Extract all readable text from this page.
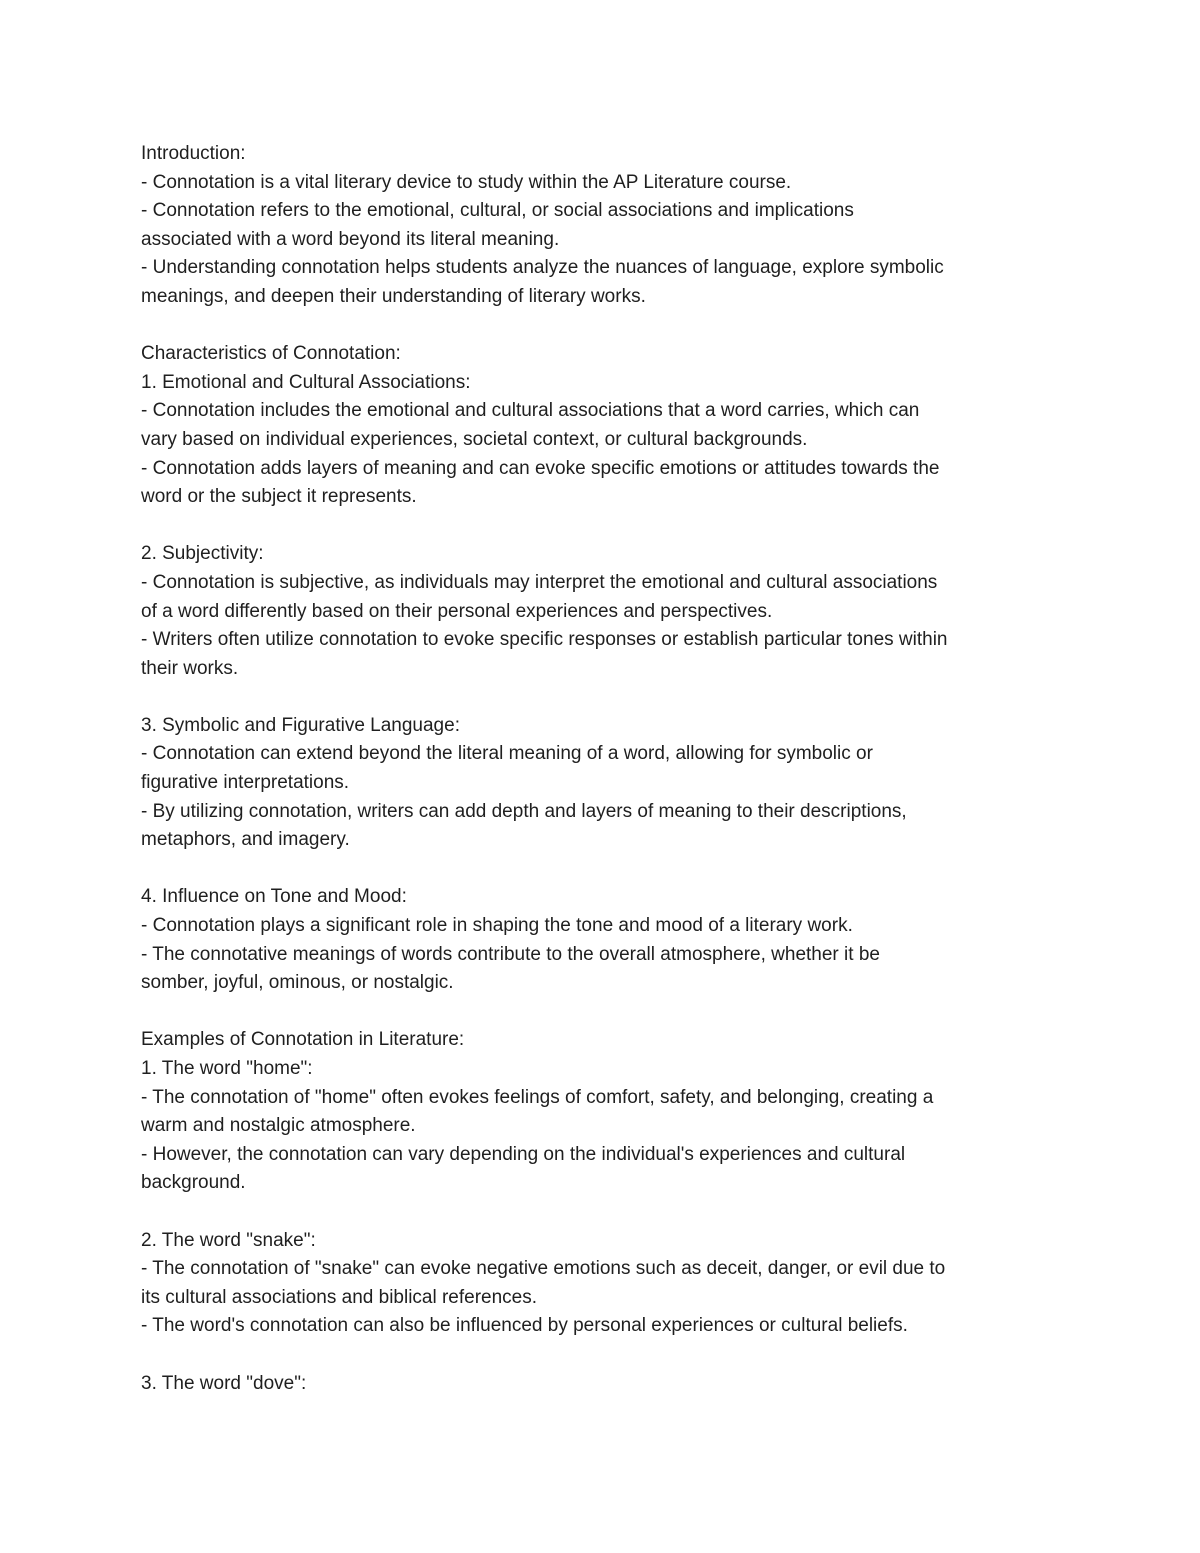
Introduction:
- Connotation is a vital literary device to study within the AP Literature course.
- Connotation refers to the emotional, cultural, or social associations and implications
associated with a word beyond its literal meaning.
- Understanding connotation helps students analyze the nuances of language, explore symbolic
meanings, and deepen their understanding of literary works.
Characteristics of Connotation:
1. Emotional and Cultural Associations:
- Connotation includes the emotional and cultural associations that a word carries, which can
vary based on individual experiences, societal context, or cultural backgrounds.
- Connotation adds layers of meaning and can evoke specific emotions or attitudes towards the
word or the subject it represents.
2. Subjectivity:
- Connotation is subjective, as individuals may interpret the emotional and cultural associations
of a word differently based on their personal experiences and perspectives.
- Writers often utilize connotation to evoke specific responses or establish particular tones within
their works.
3. Symbolic and Figurative Language:
- Connotation can extend beyond the literal meaning of a word, allowing for symbolic or
figurative interpretations.
- By utilizing connotation, writers can add depth and layers of meaning to their descriptions,
metaphors, and imagery.
4. Influence on Tone and Mood:
- Connotation plays a significant role in shaping the tone and mood of a literary work.
- The connotative meanings of words contribute to the overall atmosphere, whether it be
somber, joyful, ominous, or nostalgic.
Examples of Connotation in Literature:
1. The word "home":
- The connotation of "home" often evokes feelings of comfort, safety, and belonging, creating a
warm and nostalgic atmosphere.
- However, the connotation can vary depending on the individual's experiences and cultural
background.
2. The word "snake":
- The connotation of "snake" can evoke negative emotions such as deceit, danger, or evil due to
its cultural associations and biblical references.
- The word's connotation can also be influenced by personal experiences or cultural beliefs.
3. The word "dove":
